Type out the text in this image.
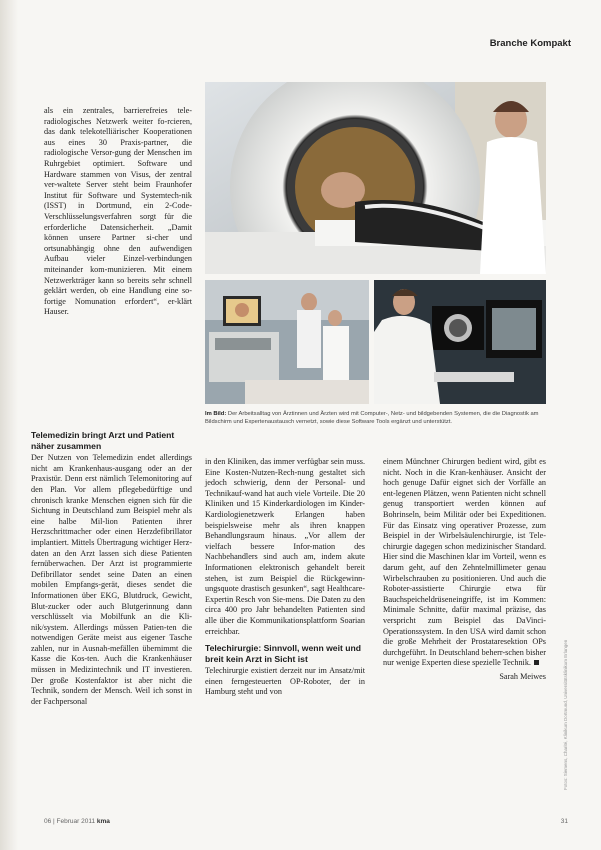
Branche Kompakt

als ein zentrales, barrierefreies tele-radiologisches Netzwerk weiter fo-rcieren, das dank telekotelliärischer Kooperationen aus eines 30 Praxis-partner, die radiologische Versor-gung der Menschen im Ruhrgebiet optimiert. Software und Hardware stammen von Visus, der zentral ver-waltete Server steht beim Fraunhofer Institut für Software und Systemtech-nik (ISST) in Dortmund, ein 2-Code-Verschlüsselungsverfahren sorgt für die erforderliche Datensicherheit. „Damit können unsere Partner si-cher und ortsunabhängig ohne den aufwendigen Aufbau vieler Einzel-verbindungen miteinander kom-munizieren. Mit einem Netzwerkträger kann so bereits sehr schnell geklärt werden, ob eine Handlung eine so-fortige Nomunation erfordert“, er-klärt Hauser.

Im Bild: Der Arbeitsalltag von Ärztinnen und Ärzten wird mit Computer-, Netz- und bildgebenden Systemen, die die Diagnostik am Bildschirm und Expertenaustausch vernetzt, sowie diese Software Tools ergänzt und unterstützt.

Telemedizin bringt Arzt und Patient näher zusammen

Der Nutzen von Telemedizin endet allerdings nicht am Krankenhaus-ausgang oder an der Praxistür. Denn erst nämlich Telemonitoring auf den Plan. Vor allem pflegebedürftige und chronisch kranke Menschen eignen sich für die Sichtung in Deutschland zum Beispiel mehr als eine halbe Mil-lion Patienten ihrer Herzschrittmacher oder einen Herzdefibrillator implantiert. Mittels Übertragung wichtiger Herz-daten an den Arzt lassen sich diese Patienten fernüberwachen. Der Arzt ist programmierte Defibrillator sendet seine Daten an einen mobilen Empfangs-gerät, dieses sendet die Informationen über EKG, Blutdruck, Gewicht, Blut-zucker oder auch Blutgerinnung dann verschlüsselt via Mobilfunk an die Kli-nik/system. Allerdings müssen Patien-ten die notwendigen Geräte meist aus eigener Tasche zahlen, nur in Ausnah-mefällen übernimmt die Kasse die Kos-ten. Auch die Krankenhäuser müssen in Medizintechnik und IT investieren. Der große Kostenfaktor ist aber nicht die Technik, sondern der Mensch. Weil ich sonst in der Fachpersonal

in den Kliniken, das immer verfügbar sein muss. Eine Kosten-Nutzen-Rech-nung gestaltet sich jedoch schwierig, denn der Personal- und Technikauf-wand hat auch viele Vorteile. Die 20 Kliniken und 15 Kinderkardiologen im Kinder-Kardiologienetzwerk Erlangen haben beispielsweise mehr als ihren knappen Behandlungsraum hinaus. „Vor allem der vielfach bessere Infor-mation des Nachbehandlers sind auch am, indem akute Informationen elektronisch gehandelt bereit stehen, ist zum Beispiel die Rückgewinn-ungsquote drastisch gesunken“, sagt Healthcare-Expertin Resch von Sie-mens. Die Daten zu den circa 400 pro Jahr behandelten Patienten sind alle über die Kommunikationsplattform Soarian erreichbar.

Telechirurgie: Sinnvoll, wenn weit und breit kein Arzt in Sicht ist

Telechirurgie existiert derzeit nur im Ansatz/mit einen ferngesteuerten OP-Roboter, der in Hamburg steht und von

einem Münchner Chirurgen bedient wird, gibt es nicht. Noch in die Kran-kenhäuser. Ansicht der hoch genuge Dafür eignet sich der Vorfälle an ent-legenen Plätzen, wenn Patienten nicht schnell genug transportiert werden können auf Bohrinseln, beim Militär oder bei Expeditionen. Für das Einsatz ving operativer Prozesse, zum Beispiel in der Wirbelsäulenchirurgie, ist Tele-chirurgie dagegen schon medizinischer Standard. Hier sind die Maschinen klar im Vorteil, wenn es darum geht, auf den Zehntelmillimeter genau Wirbelschrauben zu positionieren. Und auch die Roboter-assistierte Chirurgie etwa für Bauchspeicheldrüseneingriffe, ist im Kommen: Minimale Schnitte, dafür maximal präzise, das verspricht zum Beispiel das DaVinci-Operationssystem. In den USA wird damit schon die große Mehrheit der Prostataresektion OPs durchgeführt. In Deutschland beherr-schen bisher nur wenige Experten diese spezielle Technik.

Sarah Meiwes	Fotos: Siemens, Charité, Klinikum Dortmund, Universitätsklinikum Erlangen
06 | Februar 2011 kma	31
